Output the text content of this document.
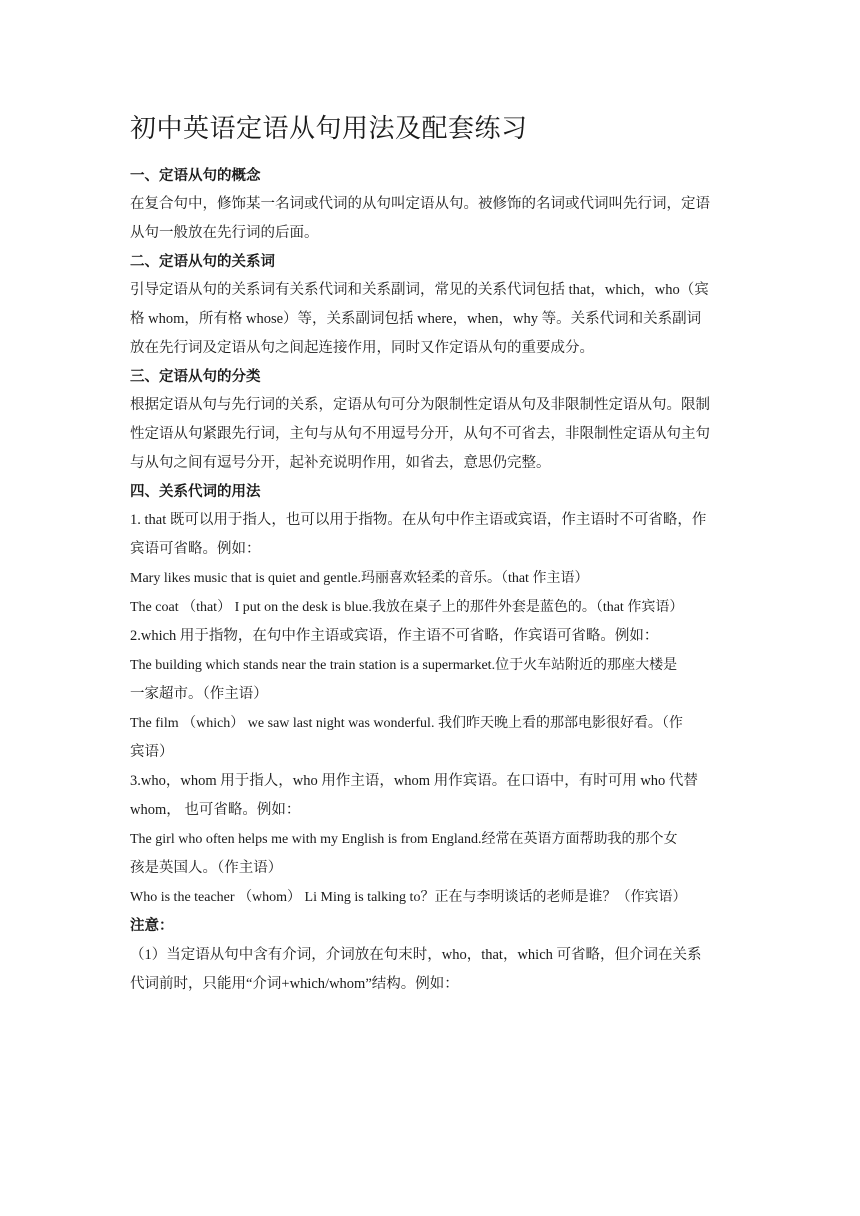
初中英语定语从句用法及配套练习

一、定语从句的概念

在复合句中，修饰某一名词或代词的从句叫定语从句。被修饰的名词或代词叫先行词，定语

从句一般放在先行词的后面。

二、定语从句的关系词

引导定语从句的关系词有关系代词和关系副词，常见的关系代词包括 that，which，who（宾

格 whom，所有格 whose）等，关系副词包括 where，when，why 等。关系代词和关系副词

放在先行词及定语从句之间起连接作用，同时又作定语从句的重要成分。

三、定语从句的分类

根据定语从句与先行词的关系，定语从句可分为限制性定语从句及非限制性定语从句。限制

性定语从句紧跟先行词，主句与从句不用逗号分开，从句不可省去，非限制性定语从句主句

与从句之间有逗号分开，起补充说明作用，如省去，意思仍完整。

四、关系代词的用法

1. that 既可以用于指人，也可以用于指物。在从句中作主语或宾语，作主语时不可省略，作

宾语可省略。例如：

Mary likes music that is quiet and gentle.玛丽喜欢轻柔的音乐。（that 作主语）

The coat （that） I put on the desk is blue.我放在桌子上的那件外套是蓝色的。（that 作宾语）

2.which 用于指物，在句中作主语或宾语，作主语不可省略，作宾语可省略。例如：

The building which stands near the train station is a supermarket.位于火车站附近的那座大楼是

一家超市。（作主语）

The film （which） we saw last night was wonderful. 我们昨天晚上看的那部电影很好看。（作

宾语）

3.who，whom 用于指人，who 用作主语，whom 用作宾语。在口语中，有时可用 who 代替

whom， 也可省略。例如：

The girl who often helps me with my English is from England.经常在英语方面帮助我的那个女

孩是英国人。（作主语）

Who is the teacher （whom） Li Ming is talking to？正在与李明谈话的老师是谁？（作宾语）

注意：

（1）当定语从句中含有介词，介词放在句末时，who，that，which 可省略，但介词在关系

代词前时，只能用“介词+which/whom”结构。例如：
